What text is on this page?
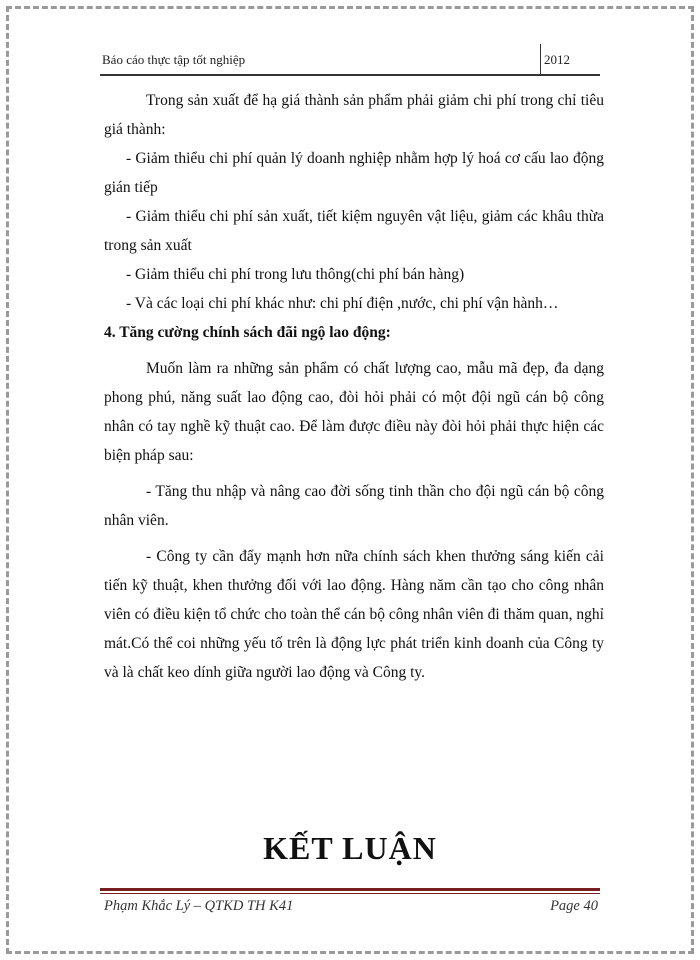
Báo cáo thực tập tốt nghiệp	2012

Trong sản xuất để hạ giá thành sản phẩm phải giảm chi phí trong chỉ tiêu giá thành:

- Giảm thiểu chi phí quản lý doanh nghiệp nhằm hợp lý hoá cơ cấu lao động gián tiếp

- Giảm thiểu chi phí sản xuất, tiết kiệm nguyên vật liệu, giảm các khâu thừa trong sản xuất

- Giảm thiểu chi phí trong lưu thông(chi phí bán hàng)

- Và các loại chi phí khác như: chi phí điện ,nước, chi phí vận hành…

4. Tăng cường chính sách đãi ngộ lao động:

Muốn làm ra những sản phẩm có chất lượng cao, mẫu mã đẹp, đa dạng phong phú, năng suất lao động cao, đòi hỏi phải có một đội ngũ cán bộ công nhân có tay nghề kỹ thuật cao. Để làm được điều này đòi hỏi phải thực hiện các biện pháp sau:

- Tăng thu nhập và nâng cao đời sống tinh thần cho đội ngũ cán bộ công nhân viên.

- Công ty cần đẩy mạnh hơn nữa chính sách khen thưởng sáng kiến cải tiến kỹ thuật, khen thưởng đối với lao động. Hàng năm cần tạo cho công nhân viên có điều kiện tổ chức cho toàn thể cán bộ công nhân viên đi thăm quan, nghỉ mát.Có thể coi những yếu tố trên là động lực phát triển kinh doanh của Công ty và là chất keo dính giữa người lao động và Công ty.

KẾT LUẬN
Phạm Khắc Lý – QTKD TH K41	Page 40
